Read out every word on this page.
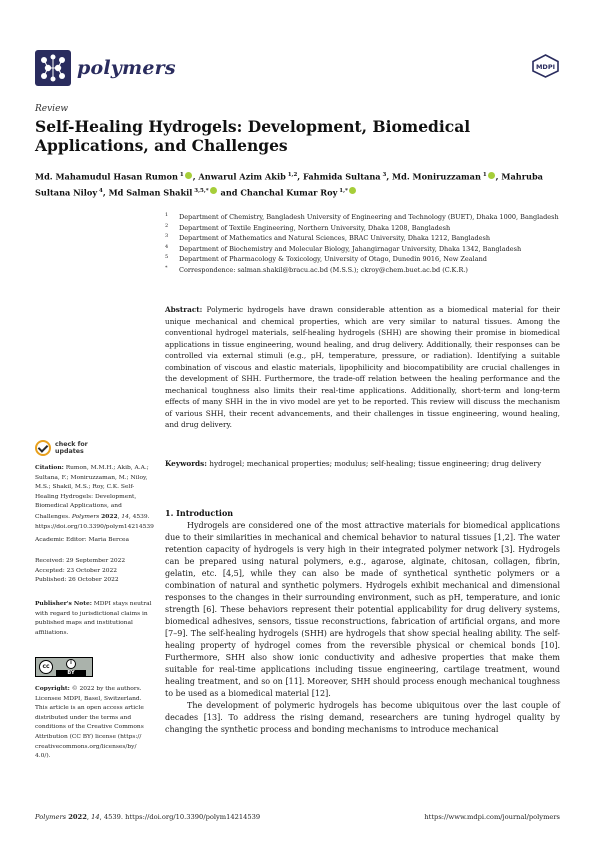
polymers	MDPI
Review
Self-Healing Hydrogels: Development, Biomedical Applications, and Challenges
Md. Mahamudul Hasan Rumon $^1$ , Anwarul Azim Akib $^{1,2}$, Fahmida Sultana $^3$, Md. Moniruzzaman $^1$ , Mahruba Sultana Niloy $^4$, Md Salman Shakil $^{3,5,*}$ and Chanchal Kumar Roy $^{1,*}$
1 Department of Chemistry, Bangladesh University of Engineering and Technology (BUET), Dhaka 1000, Bangladesh
2 Department of Textile Engineering, Northern University, Dhaka 1208, Bangladesh
3 Department of Mathematics and Natural Sciences, BRAC University, Dhaka 1212, Bangladesh
4 Department of Biochemistry and Molecular Biology, Jahangirnagar University, Dhaka 1342, Bangladesh
5 Department of Pharmacology & Toxicology, University of Otago, Dunedin 9016, New Zealand
* Correspondence: salman.shakil@bracu.ac.bd (M.S.S.); ckroy@chem.buet.ac.bd (C.K.R.)
Abstract: Polymeric hydrogels have drawn considerable attention as a biomedical material for their unique mechanical and chemical properties, which are very similar to natural tissues. Among the conventional hydrogel materials, self-healing hydrogels (SHH) are showing their promise in biomedical applications in tissue engineering, wound healing, and drug delivery. Additionally, their responses can be controlled via external stimuli (e.g., pH, temperature, pressure, or radiation). Identifying a suitable combination of viscous and elastic materials, lipophilicity and biocompatibility are crucial challenges in the development of SHH. Furthermore, the trade-off relation between the healing performance and the mechanical toughness also limits their real-time applications. Additionally, short-term and long-term effects of many SHH in the in vivo model are yet to be reported. This review will discuss the mechanism of various SHH, their recent advancements, and their challenges in tissue engineering, wound healing, and drug delivery.
Keywords: hydrogel; mechanical properties; modulus; self-healing; tissue engineering; drug delivery
check for updates
Citation: Rumon, M.M.H.; Akib, A.A.; Sultana, F.; Moniruzzaman, M.; Niloy, M.S.; Shakil, M.S.; Roy, C.K. Self-Healing Hydrogels: Development, Biomedical Applications, and Challenges. Polymers 2022, 14, 4539. https://doi.org/10.3390/polym14214539
Academic Editor: Maria Bercea
Received: 29 September 2022
Accepted: 23 October 2022
Published: 26 October 2022
Publisher's Note: MDPI stays neutral with regard to jurisdictional claims in published maps and institutional affiliations.
cc
i
BY
Copyright: © 2022 by the authors. Licensee MDPI, Basel, Switzerland. This article is an open access article distributed under the terms and conditions of the Creative Commons Attribution (CC BY) license (https:// creativecommons.org/licenses/by/ 4.0/).
1. Introduction

Hydrogels are considered one of the most attractive materials for biomedical applications due to their similarities in mechanical and chemical behavior to natural tissues [1,2]. The water retention capacity of hydrogels is very high in their integrated polymer network [3]. Hydrogels can be prepared using natural polymers, e.g., agarose, alginate, chitosan, collagen, fibrin, gelatin, etc. [4,5], while they can also be made of synthetical synthetic polymers or a combination of natural and synthetic polymers. Hydrogels exhibit mechanical and dimensional responses to the changes in their surrounding environment, such as pH, temperature, and ionic strength [6]. These behaviors represent their potential applicability for drug delivery systems, biomedical adhesives, sensors, tissue reconstructions, fabrication of artificial organs, and more [7–9]. The self-healing hydrogels (SHH) are hydrogels that show special healing ability. The self-healing property of hydrogel comes from the reversible physical or chemical bonds [10]. Furthermore, SHH also show ionic conductivity and adhesive properties that make them suitable for real-time applications including tissue engineering, cartilage treatment, wound healing treatment, and so on [11]. Moreover, SHH should process enough mechanical toughness to be used as a biomedical material [12].

The development of polymeric hydrogels has become ubiquitous over the last couple of decades [13]. To address the rising demand, researchers are tuning hydrogel quality by changing the synthetic process and bonding mechanisms to introduce mechanical

Polymers 2022, 14, 4539. https://doi.org/10.3390/polym14214539	https://www.mdpi.com/journal/polymers
